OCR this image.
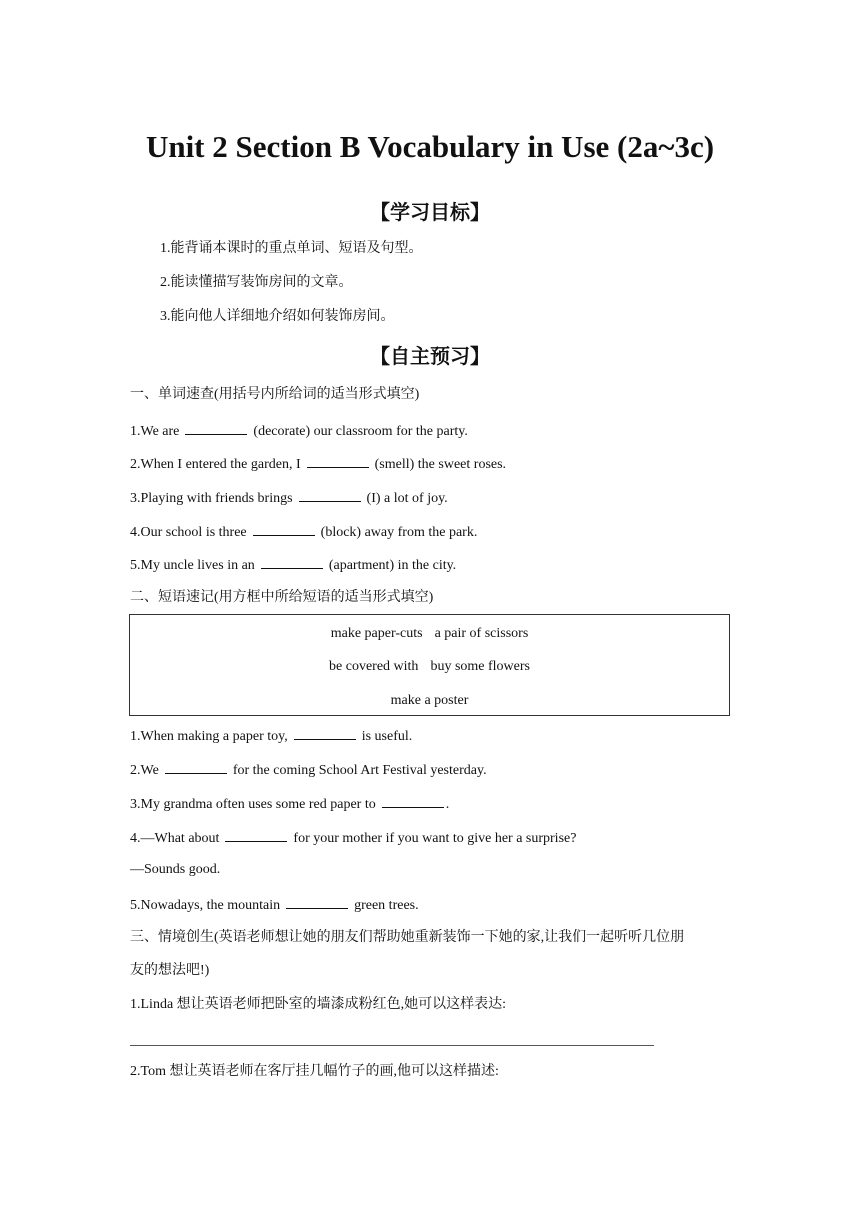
Unit 2 Section B Vocabulary in Use (2a~3c)
【学习目标】
1.能背诵本课时的重点单词、短语及句型。
2.能读懂描写装饰房间的文章。
3.能向他人详细地介绍如何装饰房间。
【自主预习】
一、单词速查(用括号内所给词的适当形式填空)
1.We are	(decorate) our classroom for the party.
2.When I entered the garden, I	(smell) the sweet roses.
3.Playing with friends brings	(I) a lot of joy.
4.Our school is three	(block) away from the park.
5.My uncle lives in an	(apartment) in the city.
二、短语速记(用方框中所给短语的适当形式填空)
make paper-cuts a pair of scissors
be covered with buy some flowers
make a poster
1.When making a paper toy,	is useful.
2.We	for the coming School Art Festival yesterday.
3.My grandma often uses some red paper to	.
4.—What about	for your mother if you want to give her a surprise?
—Sounds good.
5.Nowadays, the mountain	green trees.
三、情境创生(英语老师想让她的朋友们帮助她重新装饰一下她的家,让我们一起听听几位朋
友的想法吧!)
1.Linda 想让英语老师把卧室的墙漆成粉红色,她可以这样表达:
2.Tom 想让英语老师在客厅挂几幅竹子的画,他可以这样描述:
